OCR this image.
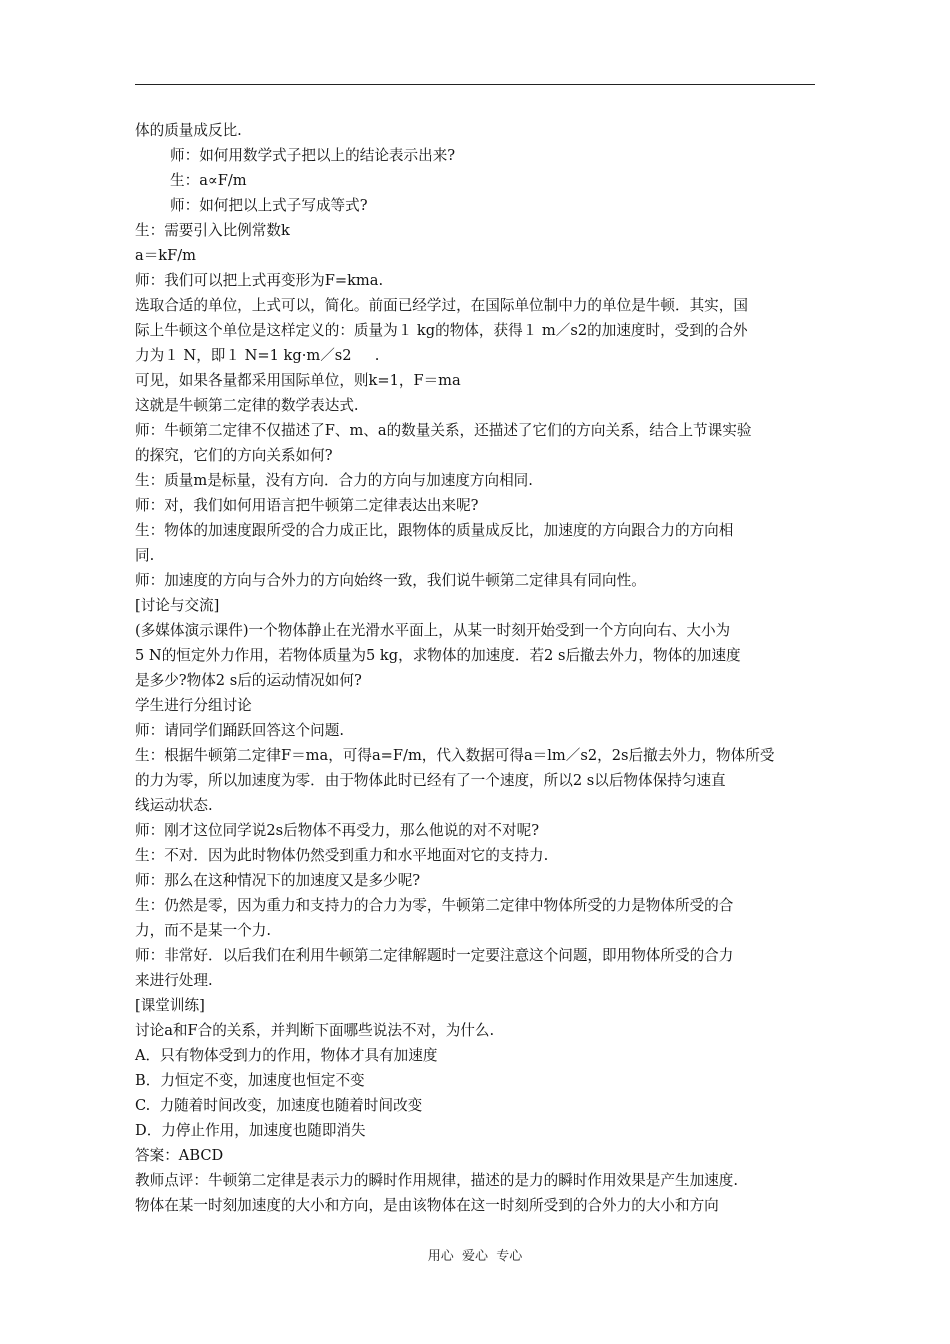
体的质量成反比.
师：如何用数学式子把以上的结论表示出来?
生：a∝F/m
师：如何把以上式子写成等式?
生：需要引入比例常数k
a＝kF/m
师：我们可以把上式再变形为F=kma.
选取合适的单位，上式可以，简化。前面已经学过，在国际单位制中力的单位是牛顿．其实，国
际上牛顿这个单位是这样定义的：质量为１ kg的物体，获得１ m／s2的加速度时，受到的合外
力为１ N，即１ N=1 kg·m／s2     .
可见，如果各量都采用国际单位，则k=1，F＝ma
这就是牛顿第二定律的数学表达式.
师：牛顿第二定律不仅描述了F、m、a的数量关系，还描述了它们的方向关系，结合上节课实验
的探究，它们的方向关系如何?
生：质量m是标量，没有方向．合力的方向与加速度方向相同.
师：对，我们如何用语言把牛顿第二定律表达出来呢?
生：物体的加速度跟所受的合力成正比，跟物体的质量成反比，加速度的方向跟合力的方向相
同.
师：加速度的方向与合外力的方向始终一致，我们说牛顿第二定律具有同向性。
[讨论与交流]
(多媒体演示课件)一个物体静止在光滑水平面上，从某一时刻开始受到一个方向向右、大小为
5 N的恒定外力作用，若物体质量为5 kg，求物体的加速度．若2 s后撤去外力，物体的加速度
是多少?物体2 s后的运动情况如何?
学生进行分组讨论
师：请同学们踊跃回答这个问题.
生：根据牛顿第二定律F＝ma，可得a=F/m，代入数据可得a＝lm／s2，2s后撤去外力，物体所受
的力为零，所以加速度为零．由于物体此时已经有了一个速度，所以2 s以后物体保持匀速直
线运动状态.
师：刚才这位同学说2s后物体不再受力，那么他说的对不对呢?
生：不对．因为此时物体仍然受到重力和水平地面对它的支持力.
师：那么在这种情况下的加速度又是多少呢?
生：仍然是零，因为重力和支持力的合力为零，牛顿第二定律中物体所受的力是物体所受的合
力，而不是某一个力.
师：非常好．以后我们在利用牛顿第二定律解题时一定要注意这个问题，即用物体所受的合力
来进行处理.
[课堂训练]
讨论a和F合的关系，并判断下面哪些说法不对，为什么.
A．只有物体受到力的作用，物体才具有加速度
B．力恒定不变，加速度也恒定不变
C.  力随着时间改变，加速度也随着时间改变
D．力停止作用，加速度也随即消失
答案：ABCD
教师点评：牛顿第二定律是表示力的瞬时作用规律，描述的是力的瞬时作用效果是产生加速度.
物体在某一时刻加速度的大小和方向，是由该物体在这一时刻所受到的合外力的大小和方向
用心  爱心  专心
